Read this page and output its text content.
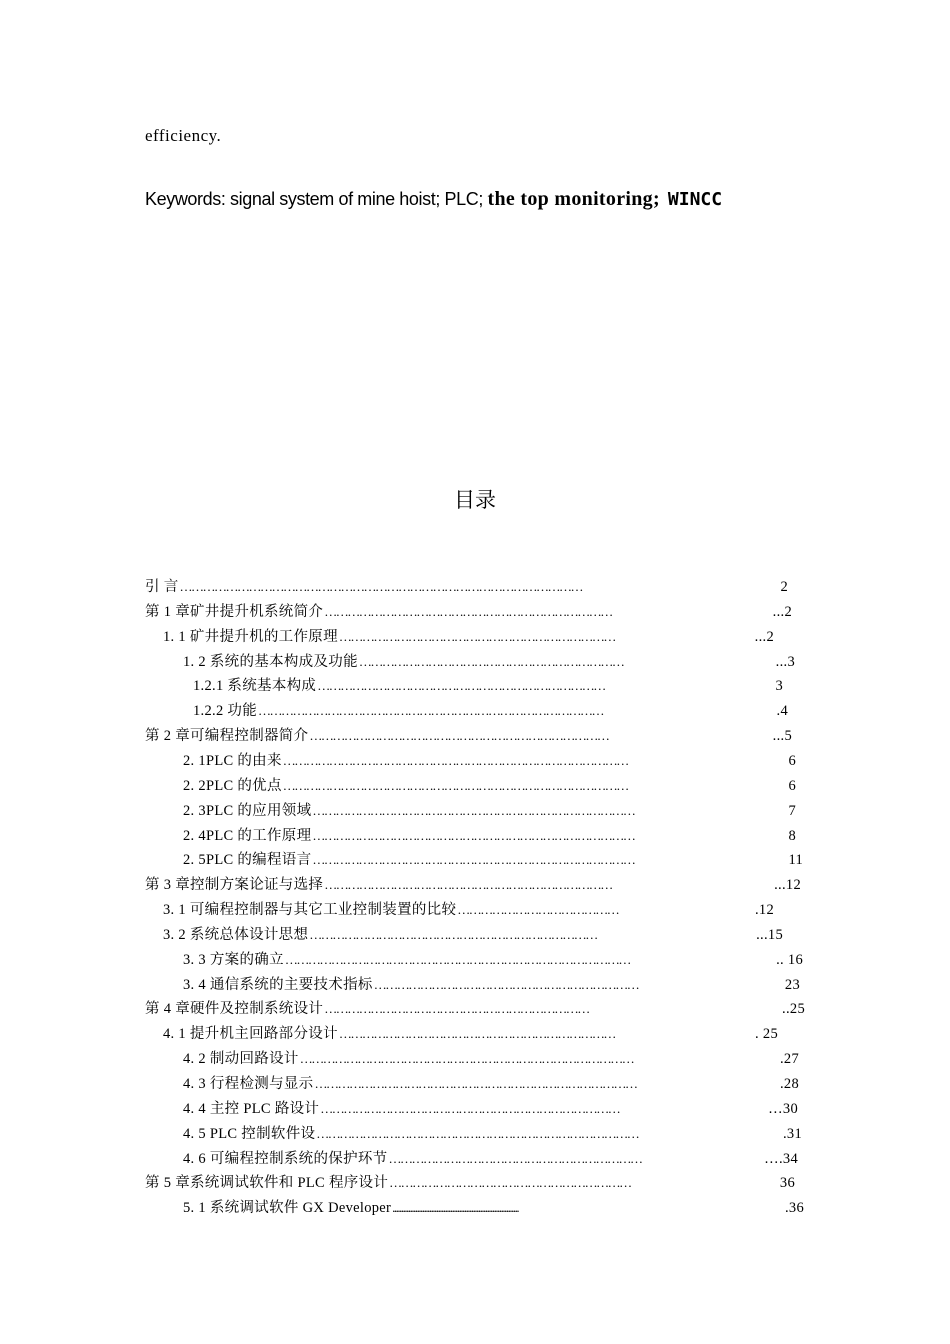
efficiency.
Keywords: signal system of mine hoist; PLC; the top monitoring; WINCC
目录
引 言 ……………………………………………………………………………………………	2
第 1 章矿井提升机系统简介 …………………………………………………………………	...2
1. 1 矿井提升机的工作原理 ………………………………………………………………	...2
1. 2 系统的基本构成及功能 ……………………………………………………………	...3
1.2.1 系统基本构成 …………………………………………………………………	3
1.2.2 功能 ………………………………………………………………………………	.4
第 2 章可编程控制器简介 ……………………………………………………………………	...5
2. 1PLC 的由来 ………………………………………………………………………………	6
2. 2PLC 的优点 ………………………………………………………………………………	6
2. 3PLC 的应用领域 …………………………………………………………………………	7
2. 4PLC 的工作原理 …………………………………………………………………………	8
2. 5PLC 的编程语言 …………………………………………………………………………	11
第 3 章控制方案论证与选择 …………………………………………………………………	...12
3. 1 可编程控制器与其它工业控制装置的比较 ……………………………………	.12
3. 2 系统总体设计思想 …………………………………………………………………	...15
3. 3 方案的确立 ………………………………………………………………………………	.. 16
3. 4 通信系统的主要技术指标 ……………………………………………………………	23
第 4 章硬件及控制系统设计 ……………………………………………………………	..25
4. 1 提升机主回路部分设计 ………………………………………………………………	. 25
4. 2 制动回路设计 ……………………………………………………………………………	.27
4. 3 行程检测与显示 …………………………………………………………………………	.28
4. 4 主控 PLC 路设计 ……………………………………………………………………	…30
4. 5 PLC 控制软件设 …………………………………………………………………………	.31
4. 6 可编程控制系统的保护环节 …………………………………………………………	….34
第 5 章系统调试软件和 PLC 程序设计 ………………………………………………………	36
5. 1 系统调试软件 GX Developer ........................................................................	.36
